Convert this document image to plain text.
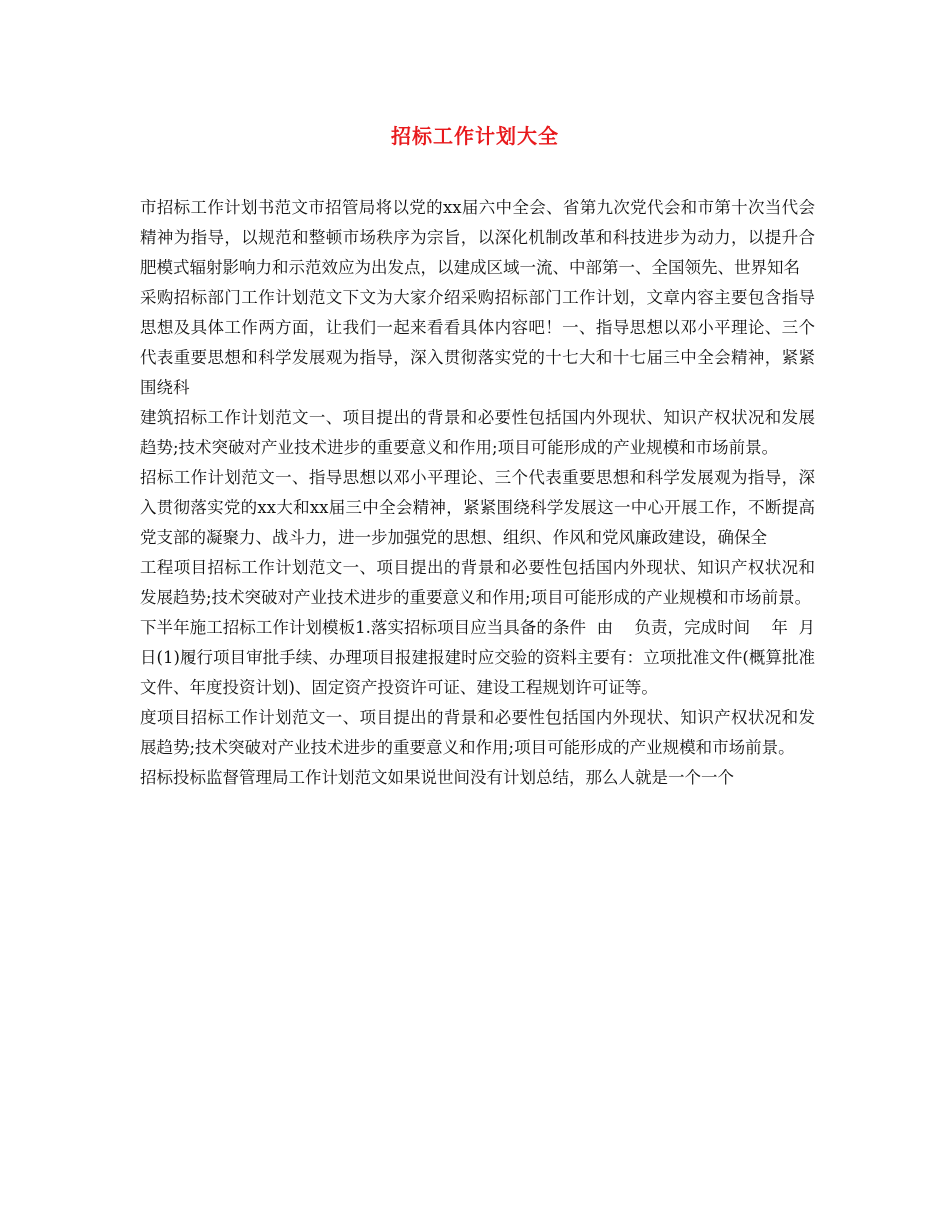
招标工作计划大全

市招标工作计划书范文市招管局将以党的xx届六中全会、省第九次党代会和市第十次当代会精神为指导，以规范和整顿市场秩序为宗旨，以深化机制改革和科技进步为动力，以提升合肥模式辐射影响力和示范效应为出发点，以建成区域一流、中部第一、全国领先、世界知名

采购招标部门工作计划范文下文为大家介绍采购招标部门工作计划，文章内容主要包含指导思想及具体工作两方面，让我们一起来看看具体内容吧！一、指导思想以邓小平理论、三个代表重要思想和科学发展观为指导，深入贯彻落实党的十七大和十七届三中全会精神，紧紧围绕科

建筑招标工作计划范文一、项目提出的背景和必要性包括国内外现状、知识产权状况和发展趋势;技术突破对产业技术进步的重要意义和作用;项目可能形成的产业规模和市场前景。

招标工作计划范文一、指导思想以邓小平理论、三个代表重要思想和科学发展观为指导，深入贯彻落实党的xx大和xx届三中全会精神，紧紧围绕科学发展这一中心开展工作，不断提高党支部的凝聚力、战斗力，进一步加强党的思想、组织、作风和党风廉政建设，确保全

工程项目招标工作计划范文一、项目提出的背景和必要性包括国内外现状、知识产权状况和发展趋势;技术突破对产业技术进步的重要意义和作用;项目可能形成的产业规模和市场前景。

下半年施工招标工作计划模板1.落实招标项目应当具备的条件  由    负责，完成时间    年  月    日(1)履行项目审批手续、办理项目报建报建时应交验的资料主要有：立项批准文件(概算批准文件、年度投资计划)、固定资产投资许可证、建设工程规划许可证等。

度项目招标工作计划范文一、项目提出的背景和必要性包括国内外现状、知识产权状况和发展趋势;技术突破对产业技术进步的重要意义和作用;项目可能形成的产业规模和市场前景。

招标投标监督管理局工作计划范文如果说世间没有计划总结，那么人就是一个一个
